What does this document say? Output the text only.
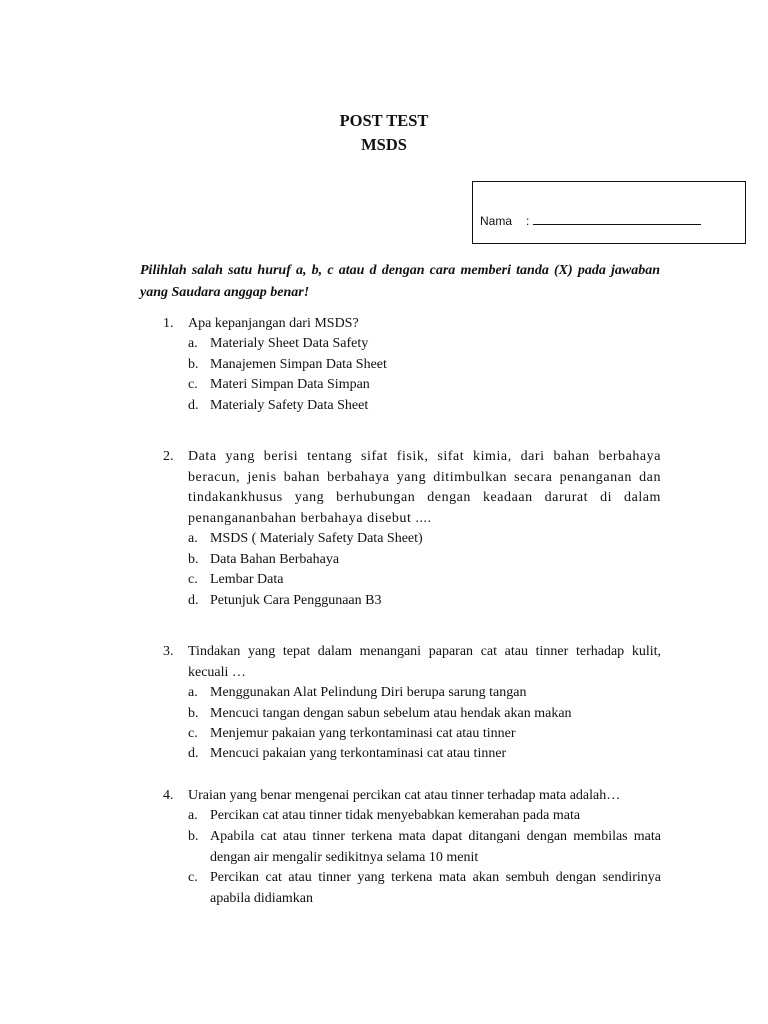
POST TEST
MSDS
Nama :
Pilihlah salah satu huruf a, b, c atau d dengan cara memberi tanda (X) pada jawaban yang Saudara anggap benar!
1. Apa kepanjangan dari MSDS?
a. Materialy Sheet Data Safety
b. Manajemen Simpan Data Sheet
c. Materi Simpan Data Simpan
d. Materialy Safety Data Sheet
2. Data yang berisi tentang sifat fisik, sifat kimia, dari bahan berbahaya beracun, jenis bahan berbahaya yang ditimbulkan secara penanganan dan tindakankhusus yang berhubungan dengan keadaan darurat di dalam penangananbahan berbahaya disebut ....
a. MSDS ( Materialy Safety Data Sheet)
b. Data Bahan Berbahaya
c. Lembar Data
d. Petunjuk Cara Penggunaan B3
3. Tindakan yang tepat dalam menangani paparan cat atau tinner terhadap kulit, kecuali …
a. Menggunakan Alat Pelindung Diri berupa sarung tangan
b. Mencuci tangan dengan sabun sebelum atau hendak akan makan
c. Menjemur pakaian yang terkontaminasi cat atau tinner
d. Mencuci pakaian yang terkontaminasi cat atau tinner
4. Uraian yang benar mengenai percikan cat atau tinner terhadap mata adalah…
a. Percikan cat atau tinner tidak menyebabkan kemerahan pada mata
b. Apabila cat atau tinner terkena mata dapat ditangani dengan membilas mata dengan air mengalir sedikitnya selama 10 menit
c. Percikan cat atau tinner yang terkena mata akan sembuh dengan sendirinya apabila didiamkan
